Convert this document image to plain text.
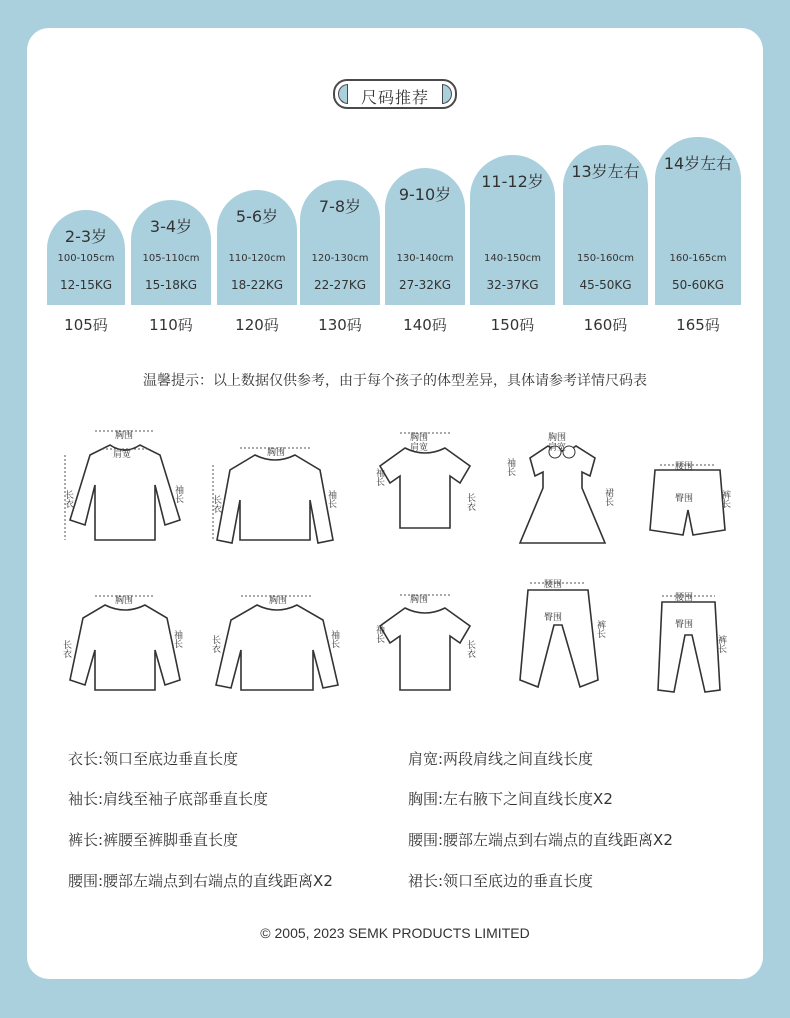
尺码推荐
2-3岁
100-105cm
12-15KG
105码
3-4岁
105-110cm
15-18KG
110码
5-6岁
110-120cm
18-22KG
120码
7-8岁
120-130cm
22-27KG
130码
9-10岁
130-140cm
27-32KG
140码
11-12岁
140-150cm
32-37KG
150码
13岁左右
150-160cm
45-50KG
160码
14岁左右
160-165cm
50-60KG
165码
温馨提示：以上数据仅供参考，由于每个孩子的体型差异，具体请参考详情尺码表
胸围
肩宽
长衣	袖长
胸围
长衣	袖长
胸围
肩宽
袖长
长衣
胸围
肩宽
袖长
裙长
腰围
臀围	裤长
胸围
长衣
袖长
胸围
长衣	袖长
胸围
袖长
长衣
腰围
臀围
裤长
腰围
臀围
裤长
衣长:领口至底边垂直长度	肩宽:两段肩线之间直线长度
袖长:肩线至袖子底部垂直长度	胸围:左右腋下之间直线长度X2
裤长:裤腰至裤脚垂直长度	腰围:腰部左端点到右端点的直线距离X2
腰围:腰部左端点到右端点的直线距离X2	裙长:领口至底边的垂直长度
© 2005, 2023 SEMK PRODUCTS LIMITED
